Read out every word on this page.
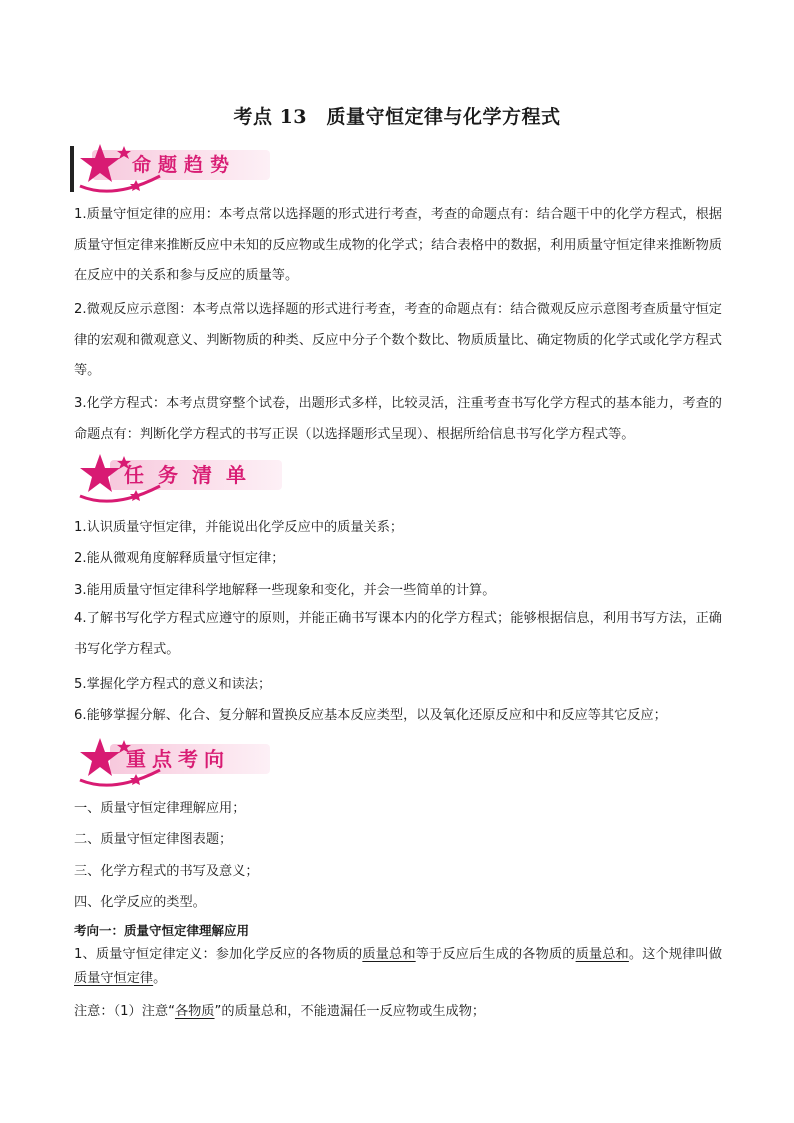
考点 13　质量守恒定律与化学方程式
命题趋势
1.质量守恒定律的应用：本考点常以选择题的形式进行考查，考查的命题点有：结合题干中的化学方程式，根据质量守恒定律来推断反应中未知的反应物或生成物的化学式；结合表格中的数据，利用质量守恒定律来推断物质在反应中的关系和参与反应的质量等。
2.微观反应示意图：本考点常以选择题的形式进行考查，考查的命题点有：结合微观反应示意图考查质量守恒定律的宏观和微观意义、判断物质的种类、反应中分子个数个数比、物质质量比、确定物质的化学式或化学方程式等。
3.化学方程式：本考点贯穿整个试卷，出题形式多样，比较灵活，注重考查书写化学方程式的基本能力，考查的命题点有：判断化学方程式的书写正误（以选择题形式呈现）、根据所给信息书写化学方程式等。
任务清单
1.认识质量守恒定律，并能说出化学反应中的质量关系；
2.能从微观角度解释质量守恒定律；
3.能用质量守恒定律科学地解释一些现象和变化，并会一些简单的计算。
4.了解书写化学方程式应遵守的原则，并能正确书写课本内的化学方程式；能够根据信息，利用书写方法，正确书写化学方程式。
5.掌握化学方程式的意义和读法；
6.能够掌握分解、化合、复分解和置换反应基本反应类型，以及氧化还原反应和中和反应等其它反应；
重点考向
一、质量守恒定律理解应用；
二、质量守恒定律图表题；
三、化学方程式的书写及意义；
四、化学反应的类型。
考向一：质量守恒定律理解应用
1、质量守恒定律定义：参加化学反应的各物质的质量总和等于反应后生成的各物质的质量总和。这个规律叫做质量守恒定律。
注意：（1）注意“各物质”的质量总和，不能遗漏任一反应物或生成物；
